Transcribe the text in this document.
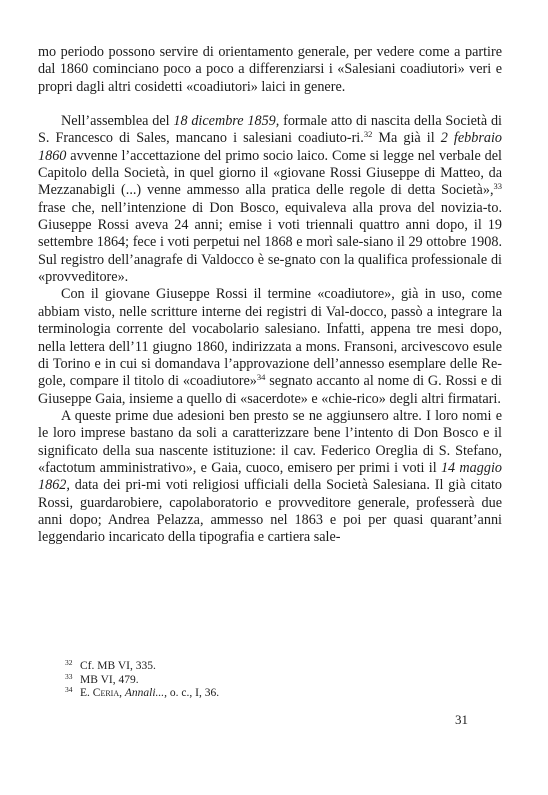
mo periodo possono servire di orientamento generale, per vedere come a partire dal 1860 cominciano poco a poco a differenziarsi i «Salesiani coadiutori» veri e propri dagli altri cosidetti «coadiutori» laici in genere.

Nell’assemblea del 18 dicembre 1859, formale atto di nascita della Società di S. Francesco di Sales, mancano i salesiani coadiuto-ri.$^{32}$ Ma già il 2 febbraio 1860 avvenne l’accettazione del primo socio laico. Come si legge nel verbale del Capitolo della Società, in quel giorno il «giovane Rossi Giuseppe di Matteo, da Mezzanabigli (...) venne ammesso alla pratica delle regole di detta Società»,$^{33}$ frase che, nell’intenzione di Don Bosco, equivaleva alla prova del novizia-to. Giuseppe Rossi aveva 24 anni; emise i voti triennali quattro anni dopo, il 19 settembre 1864; fece i voti perpetui nel 1868 e morì sale-siano il 29 ottobre 1908. Sul registro dell’anagrafe di Valdocco è se-gnato con la qualifica professionale di «provveditore».

Con il giovane Giuseppe Rossi il termine «coadiutore», già in uso, come abbiam visto, nelle scritture interne dei registri di Val-docco, passò a integrare la terminologia corrente del vocabolario salesiano. Infatti, appena tre mesi dopo, nella lettera dell’11 giugno 1860, indirizzata a mons. Fransoni, arcivescovo esule di Torino e in cui si domandava l’approvazione dell’annesso esemplare delle Re-gole, compare il titolo di «coadiutore»$^{34}$ segnato accanto al nome di G. Rossi e di Giuseppe Gaia, insieme a quello di «sacerdote» e «chie-rico» degli altri firmatari.

A queste prime due adesioni ben presto se ne aggiunsero altre. I loro nomi e le loro imprese bastano da soli a caratterizzare bene l’intento di Don Bosco e il significato della sua nascente istituzione: il cav. Federico Oreglia di S. Stefano, «factotum amministrativo», e Gaia, cuoco, emisero per primi i voti il 14 maggio 1862, data dei pri-mi voti religiosi ufficiali della Società Salesiana. Il già citato Rossi, guardarobiere, capolaboratorio e provveditore generale, professerà due anni dopo; Andrea Pelazza, ammesso nel 1863 e poi per quasi quarant’anni leggendario incaricato della tipografia e cartiera sale-

32 Cf. MB VI, 335.

33 MB VI, 479.

34 E. Ceria, Annali..., o. c., I, 36.

31
